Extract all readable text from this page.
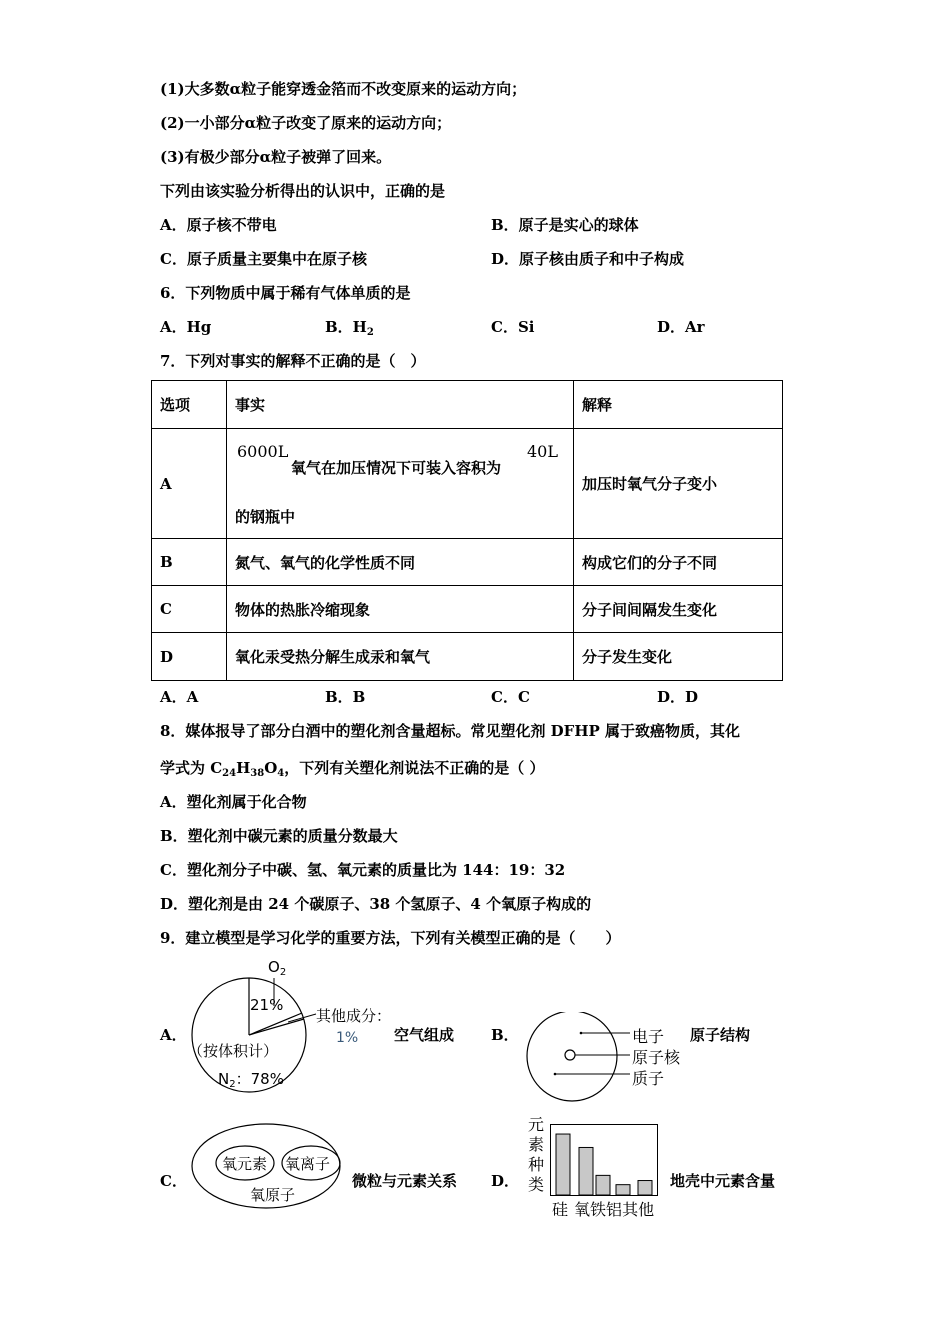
(1)大多数α粒子能穿透金箔而不改变原来的运动方向；
(2)一小部分α粒子改变了原来的运动方向；
(3)有极少部分α粒子被弹了回来。
下列由该实验分析得出的认识中，正确的是
A．原子核不带电	B．原子是实心的球体
C．原子质量主要集中在原子核	D．原子核由质子和中子构成
6．下列物质中属于稀有气体单质的是
A．Hg	B．$H_2$	C．Si	D．Ar
7．下列对事实的解释不正确的是（　）
选项	事实	解释
A	6000L
氧气在加压情况下可装入容积为
40L
的钢瓶中	加压时氧气分子变小
B	氮气、氧气的化学性质不同	构成它们的分子不同
C	物体的热胀冷缩现象	分子间间隔发生变化
D	氧化汞受热分解生成汞和氧气	分子发生变化
A．A	B．B	C．C	D．D
8．媒体报导了部分白酒中的塑化剂含量超标。常见塑化剂 DFHP 属于致癌物质，其化
学式为 $C_{24}H_{38}O_4$，下列有关塑化剂说法不正确的是（ ）
A．塑化剂属于化合物
B．塑化剂中碳元素的质量分数最大
C．塑化剂分子中碳、氢、氧元素的质量比为 144：19：32
D．塑化剂是由 24 个碳原子、38 个氢原子、4 个氧原子构成的
9．建立模型是学习化学的重要方法，下列有关模型正确的是（　　）
A．
$O_2$
21%
其他成分：
1%
（按体积计）
$N_2$：78%
空气组成 B．	电子
原子核
质子
原子结构
C．
氧元素 氧离子
氧原子
微粒与元素关系 D．
元
素
种
类
硅 氧铁铝其他
地壳中元素含量
